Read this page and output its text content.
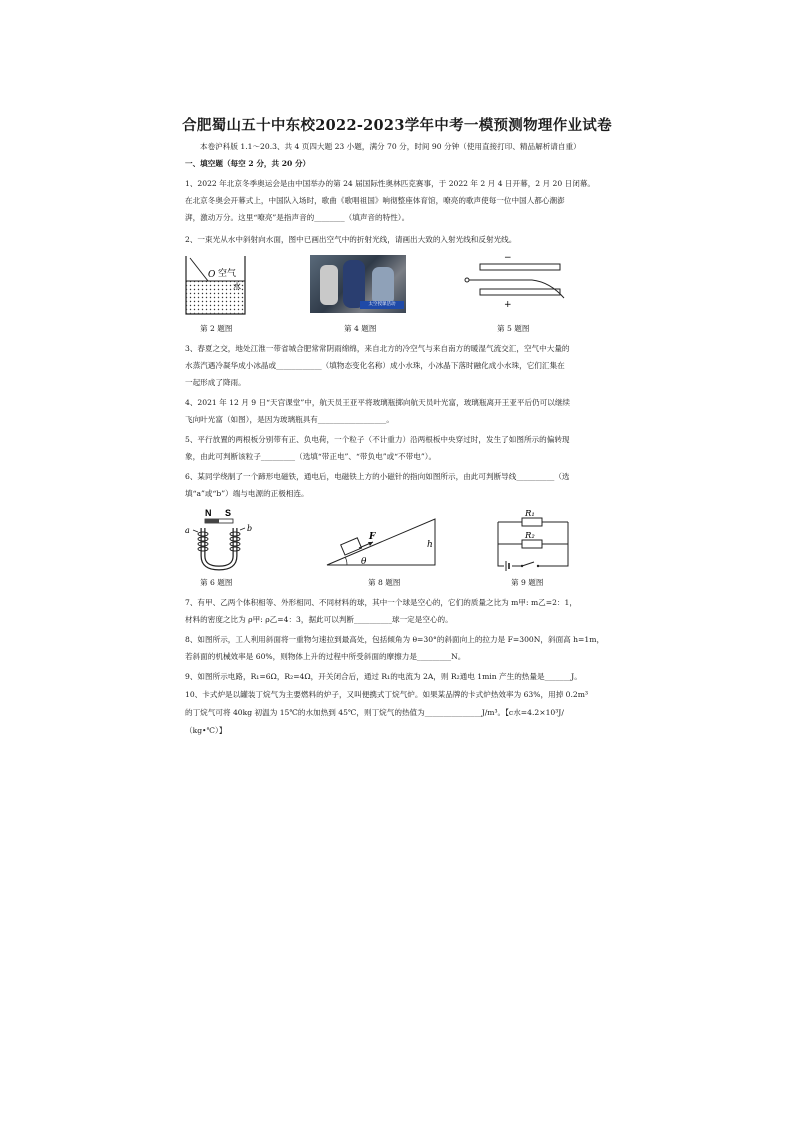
合肥蜀山五十中东校2022-2023学年中考一模预测物理作业试卷
本卷沪科版 1.1～20.3、共 4 页四大题 23 小题，满分 70 分，时间 90 分钟（使用直接打印、精品解析请自重）
一、填空题（每空 2 分，共 20 分）
1、2022 年北京冬季奥运会是由中国举办的第 24 届国际性奥林匹克赛事，于 2022 年 2 月 4 日开幕，2 月 20 日闭幕。
在北京冬奥会开幕式上，中国队入场时，歌曲《歌唱祖国》响彻整座体育馆，嘹亮的歌声使每一位中国人都心潮澎
湃，激动万分。这里“嘹亮”是指声音的________（填声音的特性）。
2、一束光从水中斜射向水面，图中已画出空气中的折射光线，请画出大致的入射光线和反射光线。
O 空气
水
太空授课活动
−
+
第 2 题图	第 4 题图	第 5 题图
3、春夏之交，地处江淮一带省城合肥常常阴雨绵绵，来自北方的冷空气与来自南方的暖湿气流交汇，空气中大量的
水蒸汽遇冷凝华成小冰晶或____________（填物态变化名称）成小水珠，小冰晶下落时融化成小水珠，它们汇集在
一起形成了降雨。
4、2021 年 12 月 9 日“天宫课堂”中，航天员王亚平将玻璃瓶掷向航天员叶光富，玻璃瓶离开王亚平后仍可以继续
飞向叶光富（如图），是因为玻璃瓶具有__________________。
5、平行放置的两根板分别带有正、负电荷，一个粒子（不计重力）沿两根板中央穿过时，发生了如图所示的偏转现
象，由此可判断该粒子_________（选填“带正电”、“带负电”或“不带电”）。
6、某同学绕制了一个蹄形电磁铁，通电后，电磁铁上方的小磁针的指向如图所示，由此可判断导线__________（选
填“a”或“b”）端与电源的正极相连。
N S
a	b
F
h
θ
R₁
R₂
第 6 题图	第 8 题图	第 9 题图
7、有甲、乙两个体积相等、外形相同、不同材料的球，其中一个球是空心的，它们的质量之比为 m甲: m乙=2：1，
材料的密度之比为 ρ甲: ρ乙=4：3，据此可以判断__________球一定是空心的。
8、如图所示，工人利用斜面将一重物匀速拉到最高处，包括倾角为 θ=30°的斜面向上的拉力是 F=300N，斜面高 h=1m，
若斜面的机械效率是 60%，则物体上升的过程中所受斜面的摩擦力是_________N。
9、如图所示电路，R₁=6Ω，R₂=4Ω，开关闭合后，通过 R₁的电流为 2A，则 R₂通电 1min 产生的热量是_______J。
10、卡式炉是以罐装丁烷气为主要燃料的炉子，又叫便携式丁烷气炉。如果某品牌的卡式炉热效率为 63%，用掉 0.2m³
的丁烷气可将 40kg 初温为 15℃的水加热到 45℃，则丁烷气的热值为_______________J/m³。【c水=4.2×10³J/
（kg•℃）】
